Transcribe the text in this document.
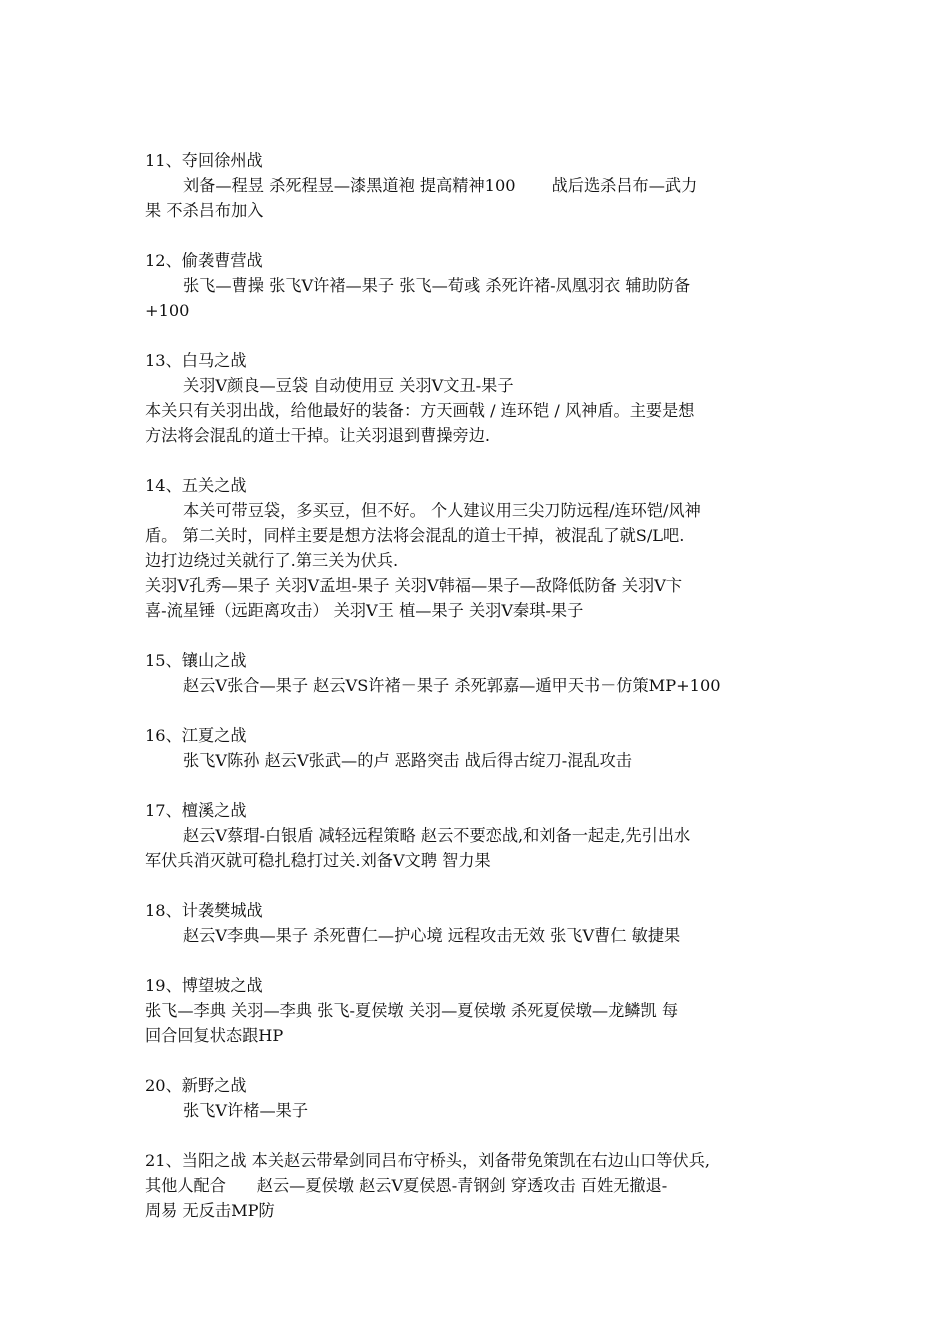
11、夺回徐州战
刘备—程昱 杀死程昱—漆黑道袍 提高精神100       战后选杀吕布—武力
果 不杀吕布加入
12、偷袭曹营战
张飞—曹操 张飞Ⅴ许褚—果子 张飞—荀彧 杀死许褚-凤凰羽衣 辅助防备
+100
13、白马之战
关羽Ⅴ颜良—豆袋 自动使用豆 关羽Ⅴ文丑-果子
本关只有关羽出战，给他最好的装备：方天画戟 / 连环铠 / 风神盾。主要是想
方法将会混乱的道士干掉。让关羽退到曹操旁边.
14、五关之战
本关可带豆袋，多买豆，但不好。 个人建议用三尖刀防远程/连环铠/风神
盾。 第二关时，同样主要是想方法将会混乱的道士干掉，被混乱了就S/L吧.
边打边绕过关就行了.第三关为伏兵.
关羽Ⅴ孔秀—果子 关羽Ⅴ孟坦-果子 关羽Ⅴ韩福—果子—敌降低防备 关羽Ⅴ卞
喜-流星锤（远距离攻击） 关羽Ⅴ王 植—果子 关羽Ⅴ秦琪-果子
15、镶山之战
赵云Ⅴ张合—果子 赵云VS许褚－果子 杀死郭嘉—遁甲天书－仿策MP+100
16、江夏之战
张飞Ⅴ陈孙 赵云Ⅴ张武—的卢 恶路突击 战后得古绽刀-混乱攻击
17、檀溪之战
赵云Ⅴ蔡瑁-白银盾 减轻远程策略 赵云不要恋战,和刘备一起走,先引出水
军伏兵消灭就可稳扎稳打过关.刘备Ⅴ文聘 智力果
18、计袭樊城战
赵云Ⅴ李典—果子 杀死曹仁—护心境 远程攻击无效 张飞Ⅴ曹仁 敏捷果
19、博望坡之战
张飞—李典 关羽—李典 张飞-夏侯墩 关羽—夏侯墩 杀死夏侯墩—龙鳞凯 每
回合回复状态跟HP
20、新野之战
张飞Ⅴ许楮—果子
21、当阳之战 本关赵云带晕剑同吕布守桥头，刘备带免策凯在右边山口等伏兵,
其他人配合      赵云—夏侯墩 赵云Ⅴ夏侯恩-青钢剑 穿透攻击 百姓无撤退-
周易 无反击MP防
